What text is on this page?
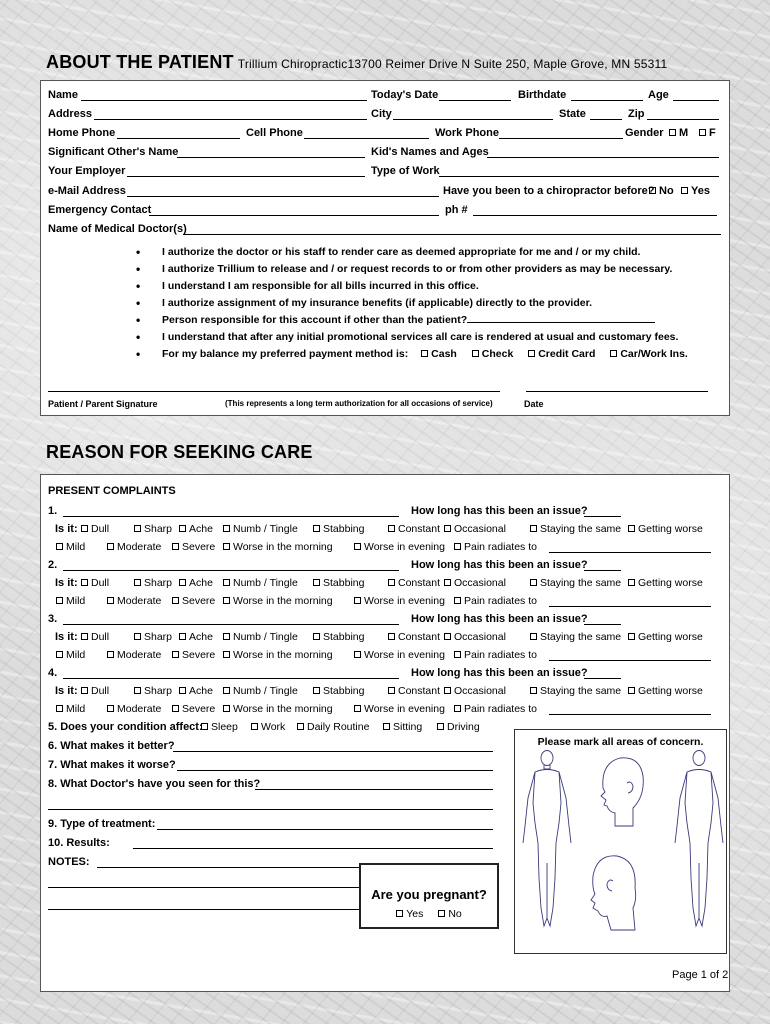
ABOUT THE PATIENT Trillium Chiropractic13700 Reimer Drive N Suite 250, Maple Grove, MN 55311
Name	Today's Date	Birthdate	Age
Address	City	State	Zip
Home Phone	Cell Phone	Work Phone	Gender	M	F
Significant Other's Name	Kid's Names and Ages
Your Employer	Type of Work
e-Mail Address	Have you been to a chiropractor before? No	Yes
Emergency Contact	ph #
Name of Medical Doctor(s)
• I authorize the doctor or his staff to render care as deemed appropriate for me and / or my child.
• I authorize Trillium to release and / or request records to or from other providers as may be necessary.
• I understand I am responsible for all bills incurred in this office.
• I authorize assignment of my insurance benefits (if applicable) directly to the provider.
• Person responsible for this account if other than the patient?
• I understand that after any initial promotional services all care is rendered at usual and customary fees.
• For my balance my preferred payment method is: Cash Check Credit Card Car/Work Ins.
Patient / Parent Signature	(This represents a long term authorization for all occasions of service)	Date
REASON FOR SEEKING CARE
PRESENT COMPLAINTS
1.	How long has this been an issue?
Is it: Dull	Sharp Ache Numb / Tingle Stabbing	Constant Occasional	Staying the same Getting worse
Mild	Moderate Severe Worse in the morning	Worse in evening Pain radiates to
2.	How long has this been an issue?
Is it: Dull	Sharp Ache Numb / Tingle Stabbing	Constant Occasional	Staying the same Getting worse
Mild	Moderate Severe Worse in the morning	Worse in evening Pain radiates to
3.	How long has this been an issue?
Is it: Dull	Sharp Ache Numb / Tingle Stabbing	Constant Occasional	Staying the same Getting worse
Mild	Moderate Severe Worse in the morning	Worse in evening Pain radiates to
4.	How long has this been an issue?
Is it: Dull	Sharp Ache Numb / Tingle Stabbing	Constant Occasional	Staying the same Getting worse
Mild	Moderate Severe Worse in the morning	Worse in evening Pain radiates to
5. Does your condition affect: Sleep Work Daily Routine Sitting Driving
6. What makes it better?
7. What makes it worse?
8. What Doctor's have you seen for this?
9. Type of treatment:
10. Results:
NOTES:
Are you pregnant?
Yes No
Please mark all areas of concern.
Page 1 of 2
